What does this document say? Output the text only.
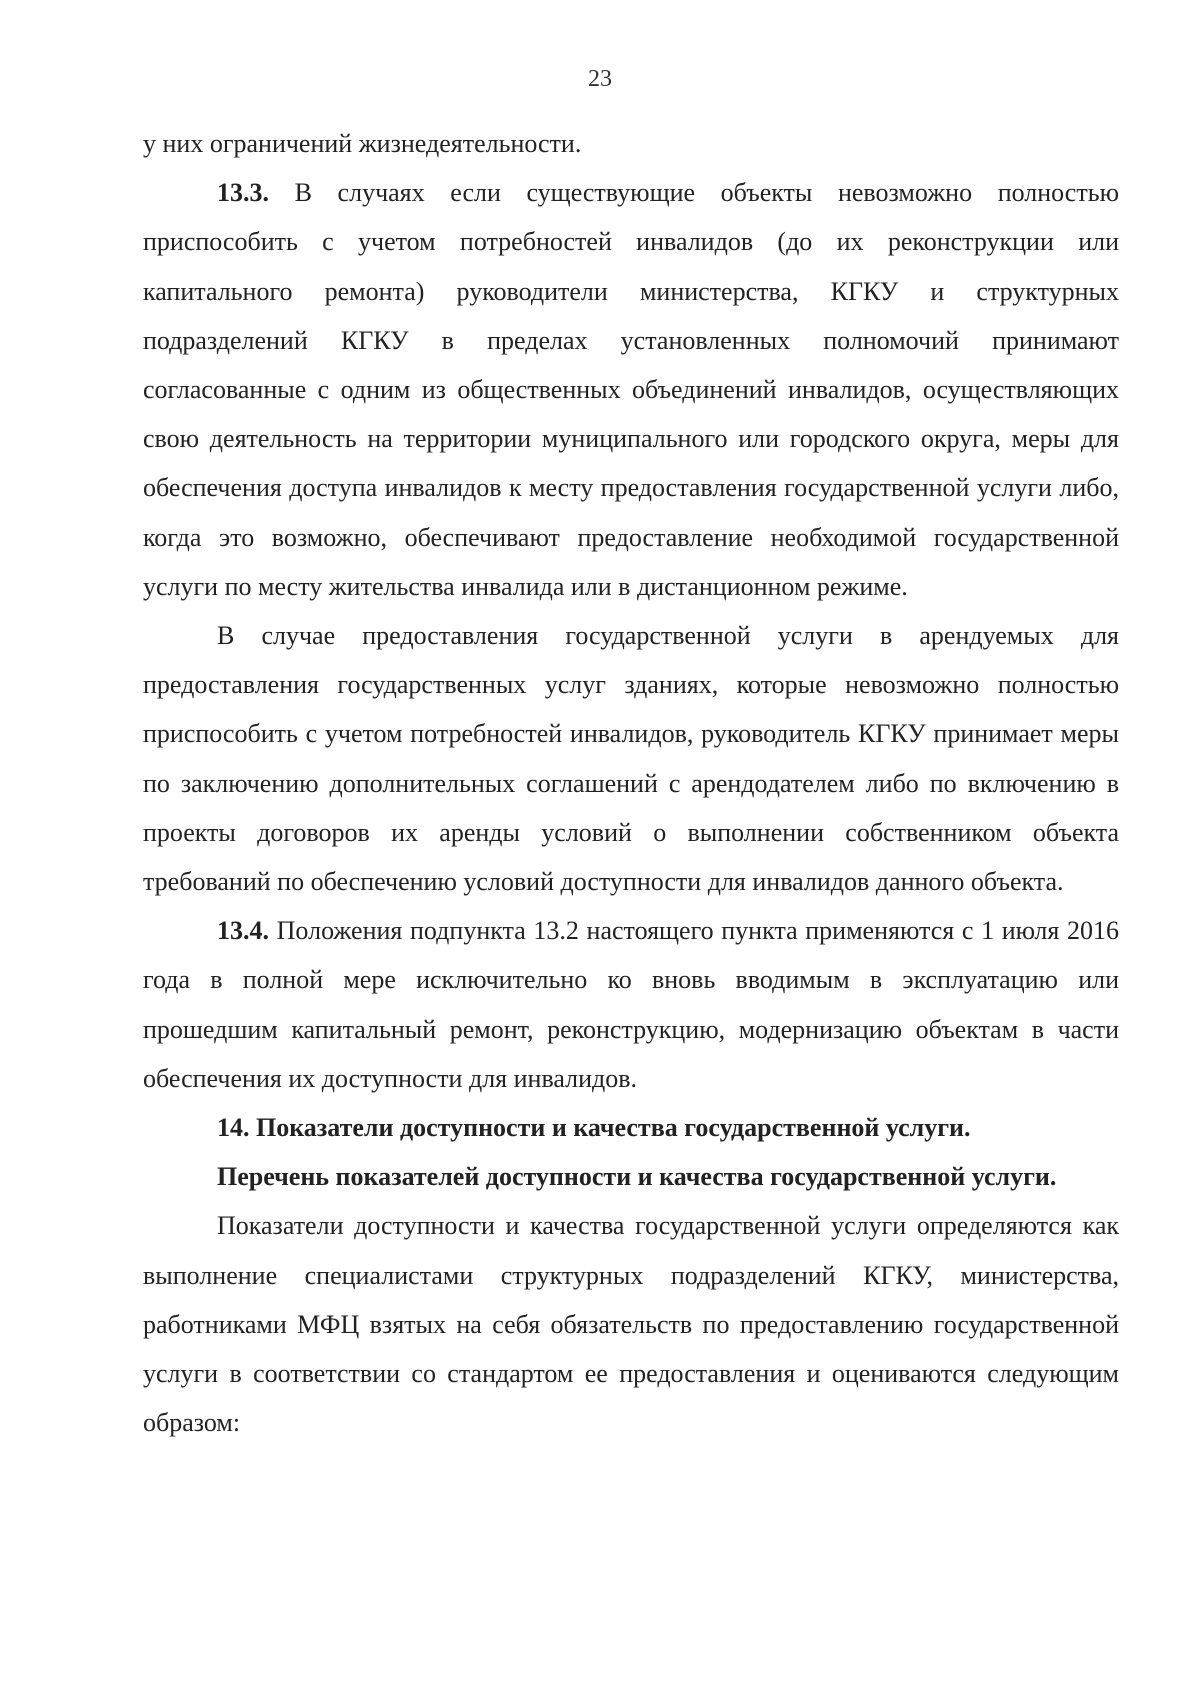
23

у них ограничений жизнедеятельности.

13.3. В случаях если существующие объекты невозможно полностью приспособить с учетом потребностей инвалидов (до их реконструкции или капитального ремонта) руководители министерства, КГКУ и структурных подразделений КГКУ в пределах установленных полномочий принимают согласованные с одним из общественных объединений инвалидов, осуществляющих свою деятельность на территории муниципального или городского округа, меры для обеспечения доступа инвалидов к месту предоставления государственной услуги либо, когда это возможно, обеспечивают предоставление необходимой государственной услуги по месту жительства инвалида или в дистанционном режиме.

В случае предоставления государственной услуги в арендуемых для предоставления государственных услуг зданиях, которые невозможно полностью приспособить с учетом потребностей инвалидов, руководитель КГКУ принимает меры по заключению дополнительных соглашений с арендодателем либо по включению в проекты договоров их аренды условий о выполнении собственником объекта требований по обеспечению условий доступности для инвалидов данного объекта.

13.4. Положения подпункта 13.2 настоящего пункта применяются с 1 июля 2016 года в полной мере исключительно ко вновь вводимым в эксплуатацию или прошедшим капитальный ремонт, реконструкцию, модернизацию объектам в части обеспечения их доступности для инвалидов.

14. Показатели доступности и качества государственной услуги.

Перечень показателей доступности и качества государственной услуги.

Показатели доступности и качества государственной услуги определяются как выполнение специалистами структурных подразделений КГКУ, министерства, работниками МФЦ взятых на себя обязательств по предоставлению государственной услуги в соответствии со стандартом ее предоставления и оцениваются следующим образом:
